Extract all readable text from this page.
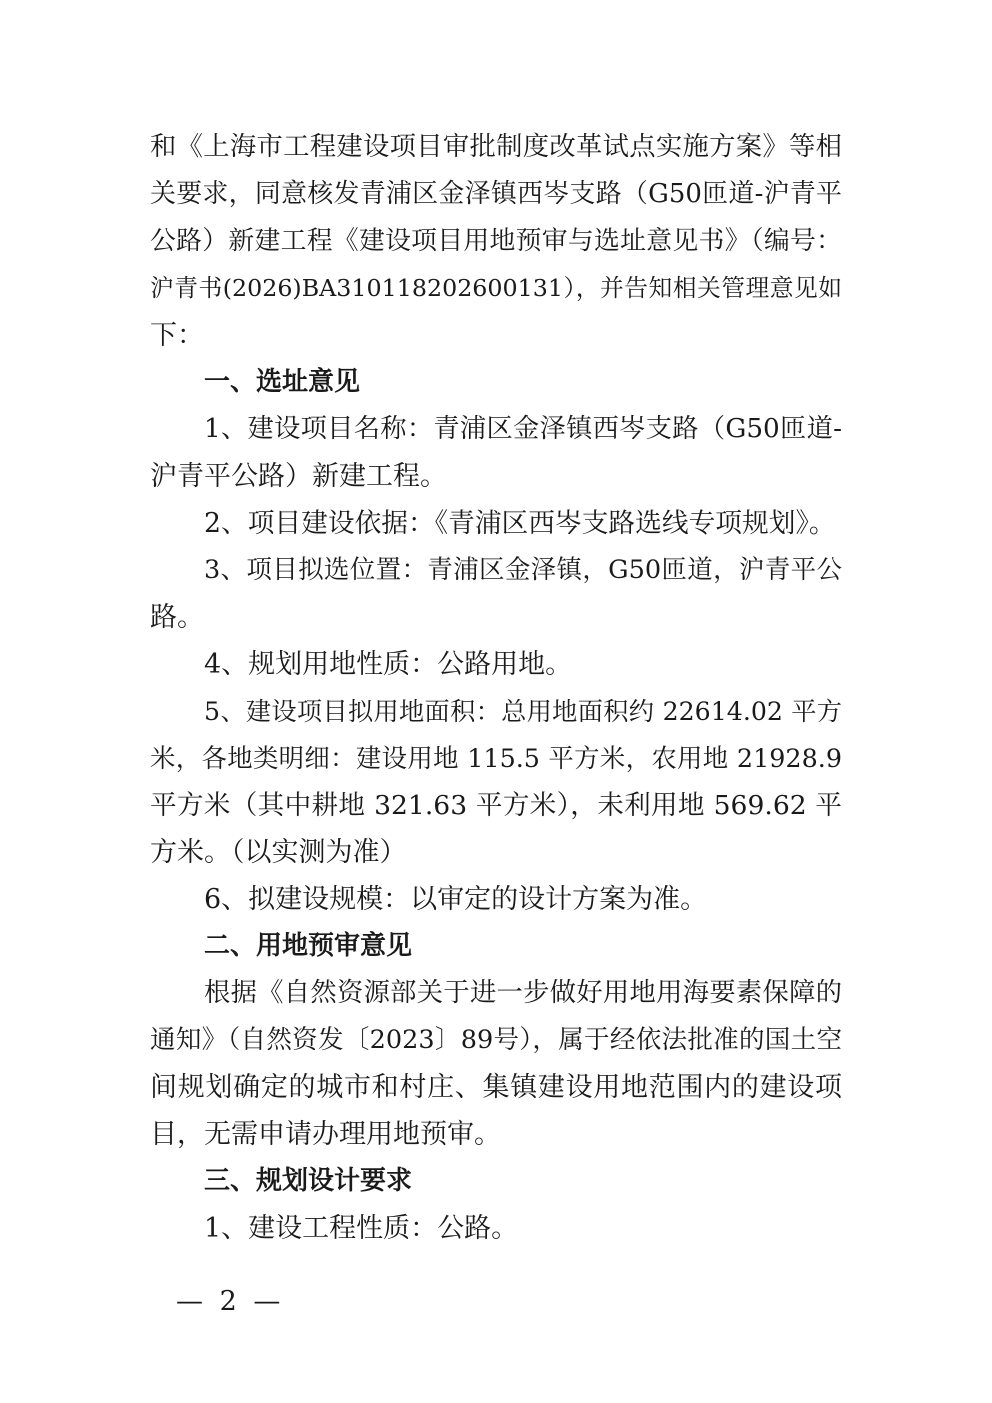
和《上海市工程建设项目审批制度改革试点实施方案》等相
关要求，同意核发青浦区金泽镇西岑支路（G50匝道-沪青平
公路）新建工程《建设项目用地预审与选址意见书》（编号：
沪青书(2026)BA310118202600131），并告知相关管理意见如
下：
一、选址意见
1、建设项目名称：青浦区金泽镇西岑支路（G50匝道-
沪青平公路）新建工程。
2、项目建设依据：《青浦区西岑支路选线专项规划》。
3、项目拟选位置：青浦区金泽镇，G50匝道，沪青平公
路。
4、规划用地性质：公路用地。
5、建设项目拟用地面积：总用地面积约 22614.02 平方
米，各地类明细：建设用地 115.5 平方米，农用地 21928.9
平方米（其中耕地 321.63 平方米），未利用地 569.62 平
方米。（以实测为准）
6、拟建设规模：以审定的设计方案为准。
二、用地预审意见
根据《自然资源部关于进一步做好用地用海要素保障的
通知》（自然资发〔2023〕89号），属于经依法批准的国土空
间规划确定的城市和村庄、集镇建设用地范围内的建设项
目，无需申请办理用地预审。
三、规划设计要求
1、建设工程性质：公路。
— 2 —
